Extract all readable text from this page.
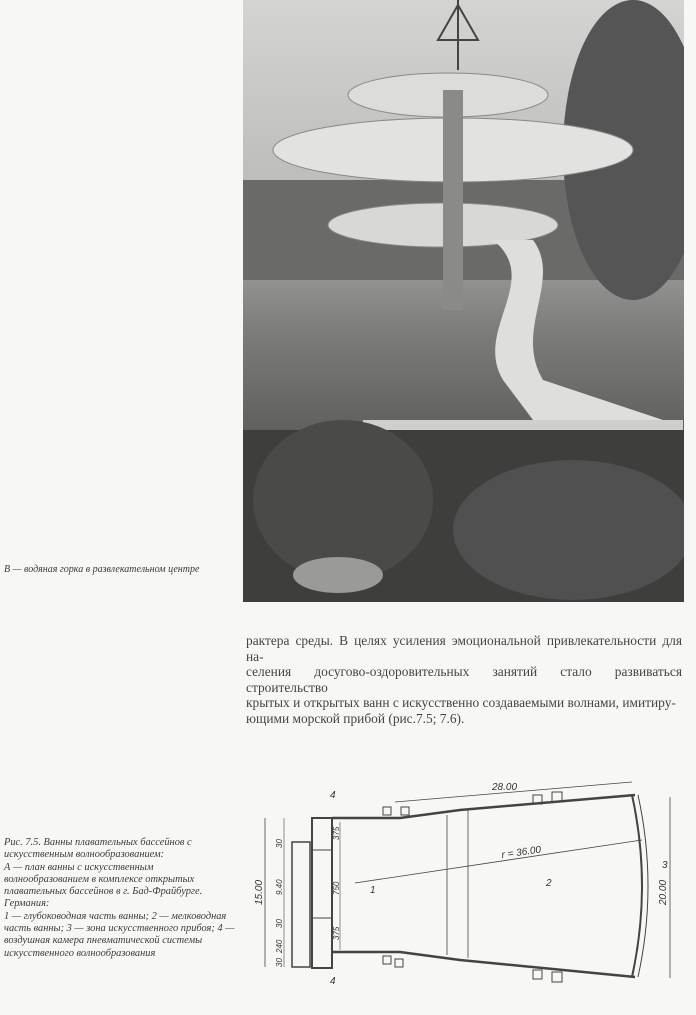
В — водяная горка в развлекательном центре
рактера среды. В целях усиления эмоциональной привлекательности для на-
селения досугово-оздоровительных занятий стало развиваться строительство
крытых и открытых ванн с искусственно создаваемыми волнами, имитиру-
ющими морской прибой (рис.7.5; 7.6).
Рис. 7.5. Ванны плавательных бассейнов с искусственным волнообразованием:
А — план ванны с искусственным волнообразованием в комплексе открытых плавательных бассейнов в г. Бад-Фрайбурге. Германия:
1 — глубоководная часть ванны; 2 — мелководная часть ванны; 3 — зона искусственного прибоя; 4 — воздушная камера пневматической системы искусственного волнообразования
28.00
r = 36.00
20.00
15.00
30
9.40
30
240
30
375
750
375
1
2
3
4
4
